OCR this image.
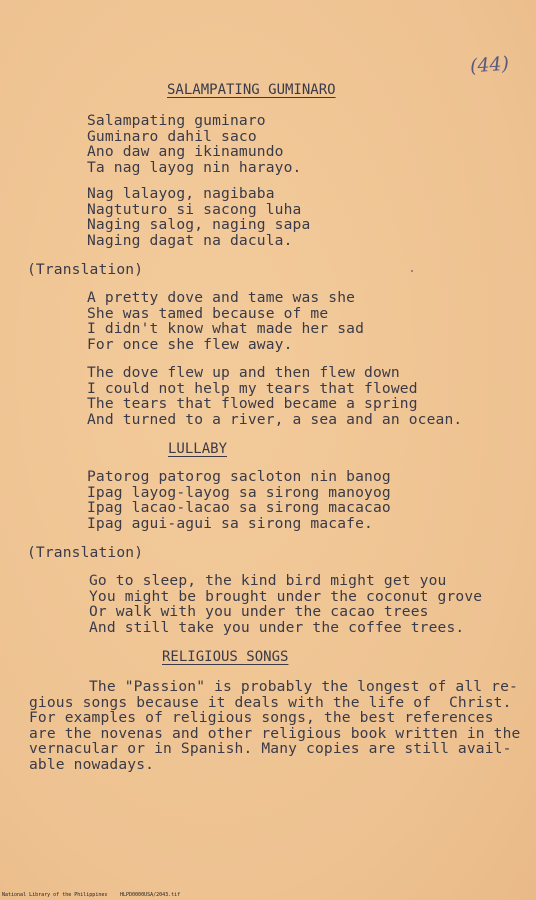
(44)
SALAMPATING GUMINARO
Salampating guminaro
Guminaro dahil saco
Ano daw ang ikinamundo
Ta nag layog nin harayo.
Nag lalayog, nagibaba
Nagtuturo si sacong luha
Naging salog, naging sapa
Naging dagat na dacula.
(Translation)
A pretty dove and tame was she
She was tamed because of me
I didn't know what made her sad
For once she flew away.
The dove flew up and then flew down
I could not help my tears that flowed
The tears that flowed became a spring
And turned to a river, a sea and an ocean.
LULLABY
Patorog patorog sacloton nin banog
Ipag layog-layog sa sirong manoyog
Ipag lacao-lacao sa sirong macacao
Ipag agui-agui sa sirong macafe.
(Translation)
Go to sleep, the kind bird might get you
You might be brought under the coconut grove
Or walk with you under the cacao trees
And still take you under the coffee trees.
RELIGIOUS SONGS
The "Passion" is probably the longest of all re-
gious songs because it deals with the life of  Christ.
For examples of religious songs, the best references
are the novenas and other religious book written in the
vernacular or in Spanish. Many copies are still avail-
able nowadays.
National Library of the Philippines	HLPD0000USA/2043.tif
